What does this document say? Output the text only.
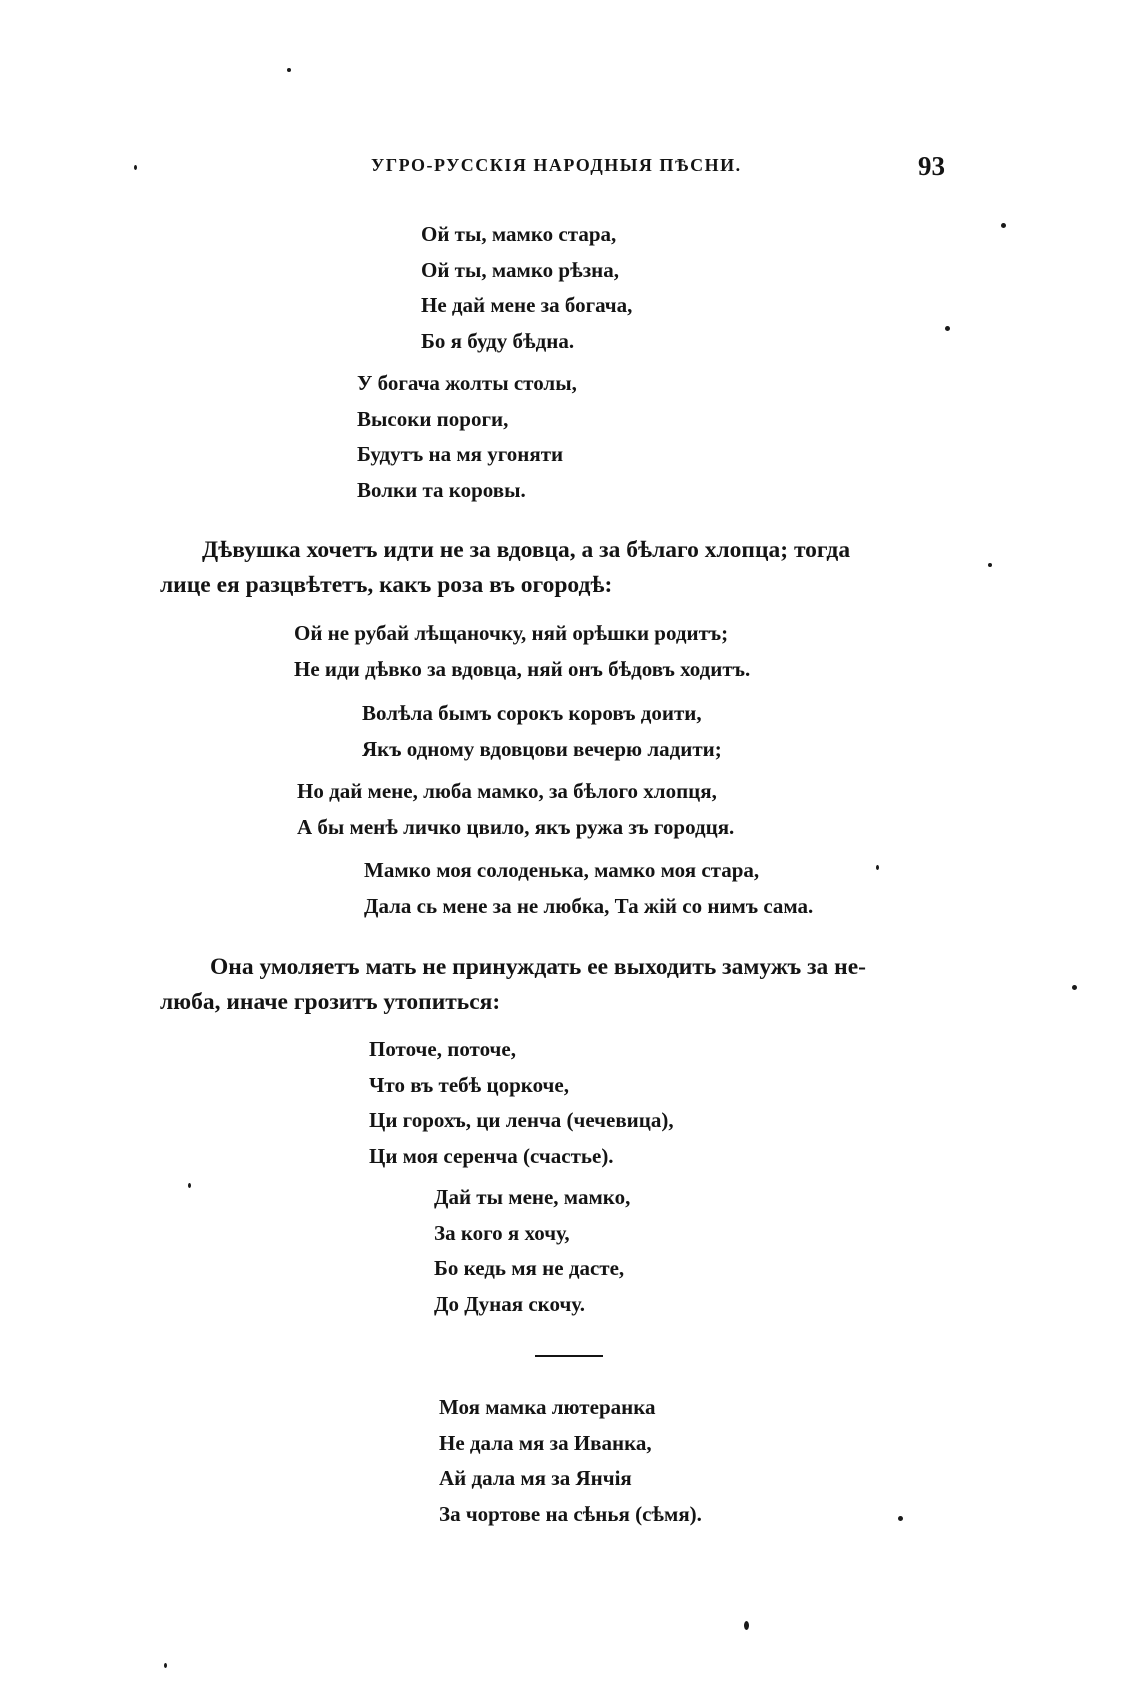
УГРО-РУССКІЯ НАРОДНЫЯ ПѢСНИ.	93
Ой ты, мамко стара,
Ой ты, мамко рѣзна,
Не дай мене за богача,
Бо я буду бѣдна.
У богача жолты столы,
Высоки пороги,
Будутъ на мя угоняти
Волки та коровы.
Дѣвушка хочетъ идти не за вдовца, а за бѣлаго хлопца; тогда
лице ея разцвѣтетъ, какъ роза въ огородѣ:
Ой не рубай лѣщаночку, няй орѣшки родитъ;
Не иди дѣвко за вдовца, няй онъ бѣдовъ ходитъ.
Волѣла бымъ сорокъ коровъ доити,
Якъ одному вдовцови вечерю ладити;
Но дай мене, люба мамко, за бѣлого хлопця,
А бы менѣ личко цвило, якъ ружа зъ городця.
Мамко моя солоденька, мамко моя стара,
Дала сь мене за не любка, Та жiй со нимъ сама.
Она умоляетъ мать не принуждать ее выходить замужъ за не-
люба, иначе грозитъ утопиться:
Поточе, поточе,
Что въ тебѣ цоркоче,
Ци горохъ, ци ленча (чечевица),
Ци моя серенча (счастье).
Дай ты мене, мамко,
За кого я хочу,
Бо кедь мя не дасте,
До Дуная скочу.
Моя мамка лютеранка
Не дала мя за Иванка,
Ай дала мя за Янчiя
За чортове на сѣнья (сѣмя).
